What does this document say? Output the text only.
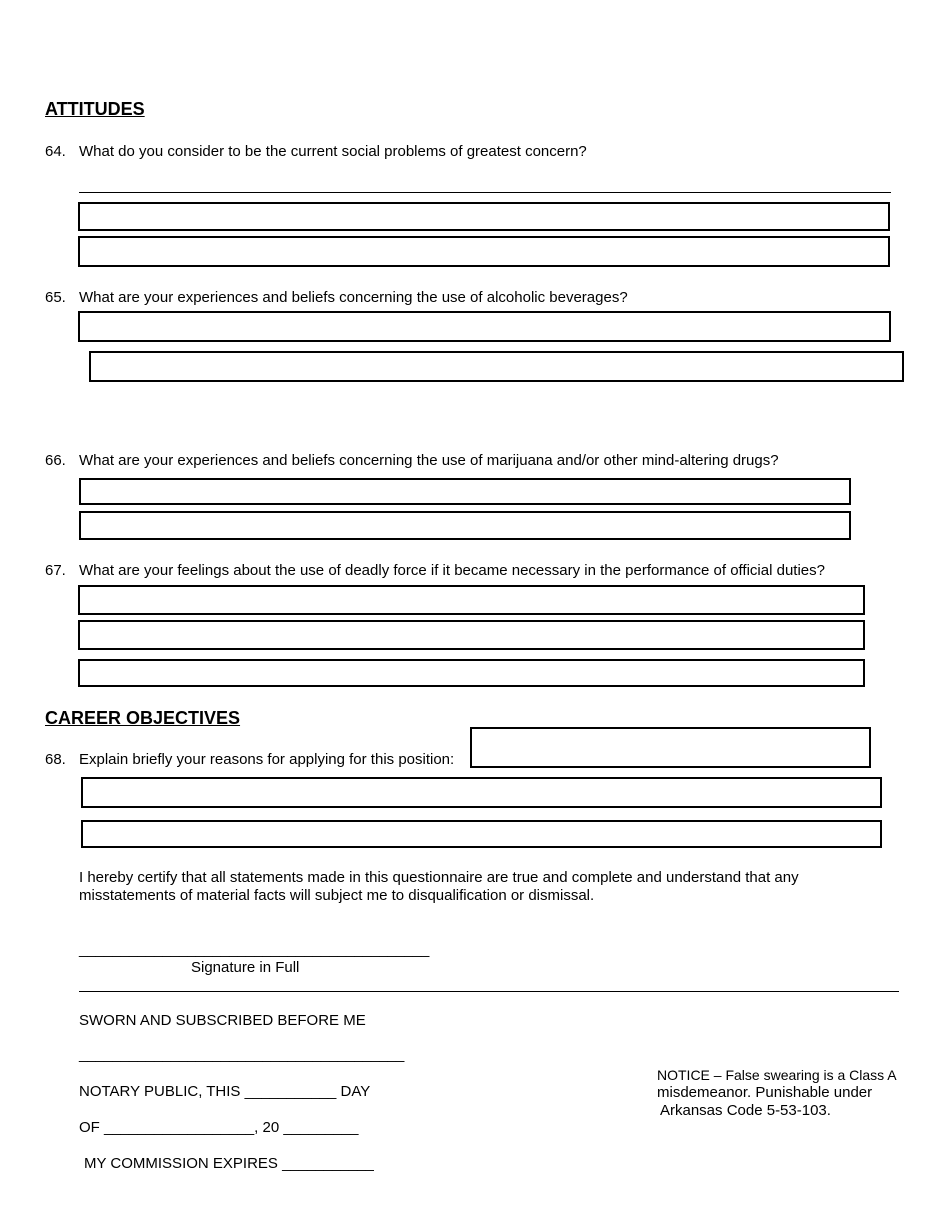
ATTITUDES
64. What do you consider to be the current social problems of greatest concern?
65. What are your experiences and beliefs concerning the use of alcoholic beverages?
66. What are your experiences and beliefs concerning the use of marijuana and/or other mind-altering drugs?
67. What are your feelings about the use of deadly force if it became necessary in the performance of official duties?
CAREER OBJECTIVES
68. Explain briefly your reasons for applying for this position:
I hereby certify that all statements made in this questionnaire are true and complete and understand that any misstatements of material facts will subject me to disqualification or dismissal.
__________________________________________
Signature in Full
SWORN AND SUBSCRIBED BEFORE ME
_______________________________________
NOTARY PUBLIC, THIS ___________ DAY
OF __________________, 20 _________
MY COMMISSION EXPIRES ___________
NOTICE – False swearing is a Class A
misdemeanor. Punishable under
Arkansas Code 5-53-103.
